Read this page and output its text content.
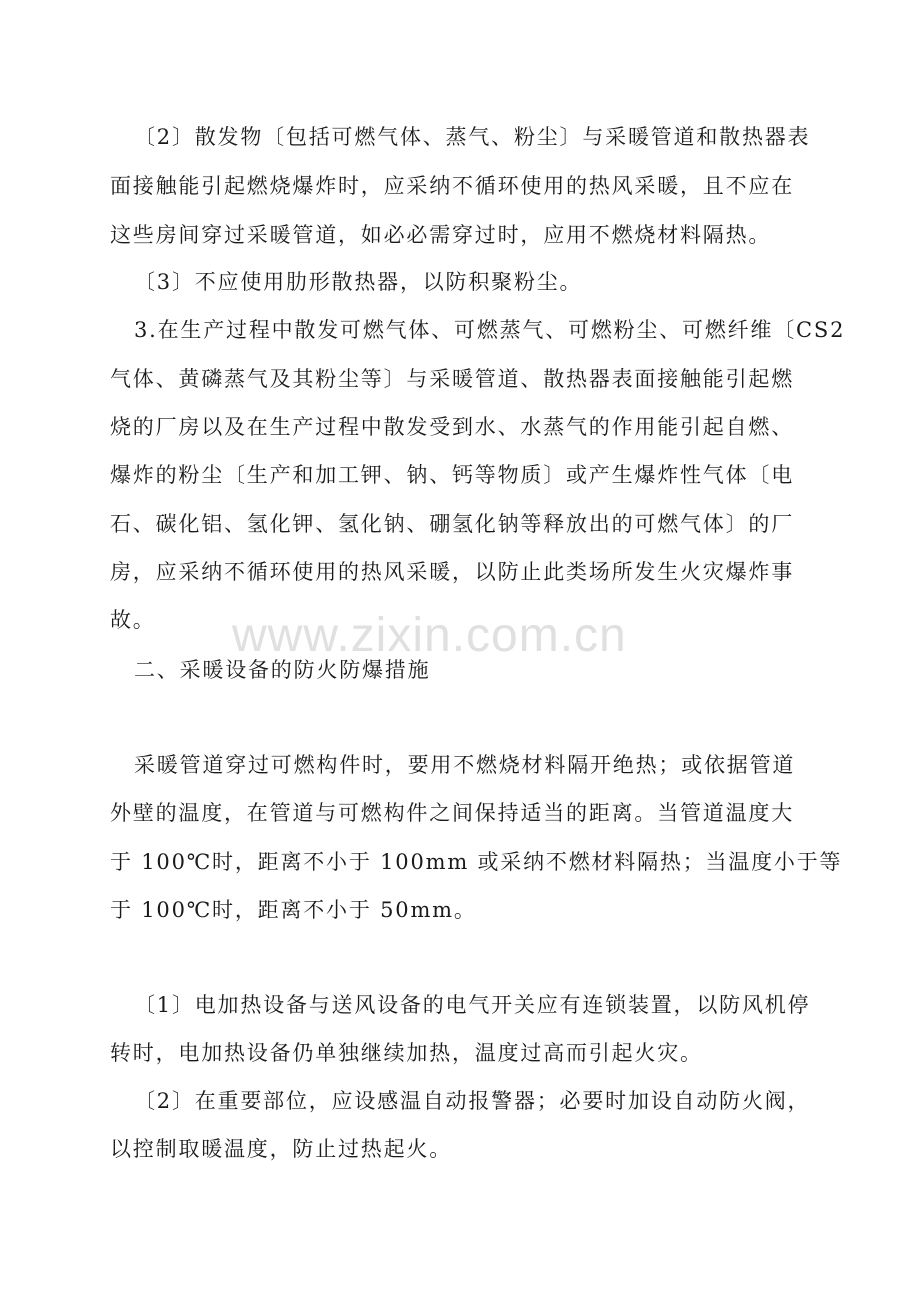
www.zixin.com.cn
〔2〕散发物〔包括可燃气体、蒸气、粉尘〕与采暖管道和散热器表
面接触能引起燃烧爆炸时，应采纳不循环使用的热风采暖，且不应在
这些房间穿过采暖管道，如必必需穿过时，应用不燃烧材料隔热。
〔3〕不应使用肋形散热器，以防积聚粉尘。
3.在生产过程中散发可燃气体、可燃蒸气、可燃粉尘、可燃纤维〔CS2
气体、黄磷蒸气及其粉尘等〕与采暖管道、散热器表面接触能引起燃
烧的厂房以及在生产过程中散发受到水、水蒸气的作用能引起自燃、
爆炸的粉尘〔生产和加工钾、钠、钙等物质〕或产生爆炸性气体〔电
石、碳化铝、氢化钾、氢化钠、硼氢化钠等释放出的可燃气体〕的厂
房，应采纳不循环使用的热风采暖，以防止此类场所发生火灾爆炸事
故。
二、采暖设备的防火防爆措施
采暖管道穿过可燃构件时，要用不燃烧材料隔开绝热；或依据管道
外壁的温度，在管道与可燃构件之间保持适当的距离。当管道温度大
于 100℃时，距离不小于 100mm 或采纳不燃材料隔热；当温度小于等
于 100℃时，距离不小于 50mm。
〔1〕电加热设备与送风设备的电气开关应有连锁装置，以防风机停
转时，电加热设备仍单独继续加热，温度过高而引起火灾。
〔2〕在重要部位，应设感温自动报警器；必要时加设自动防火阀，
以控制取暖温度，防止过热起火。
